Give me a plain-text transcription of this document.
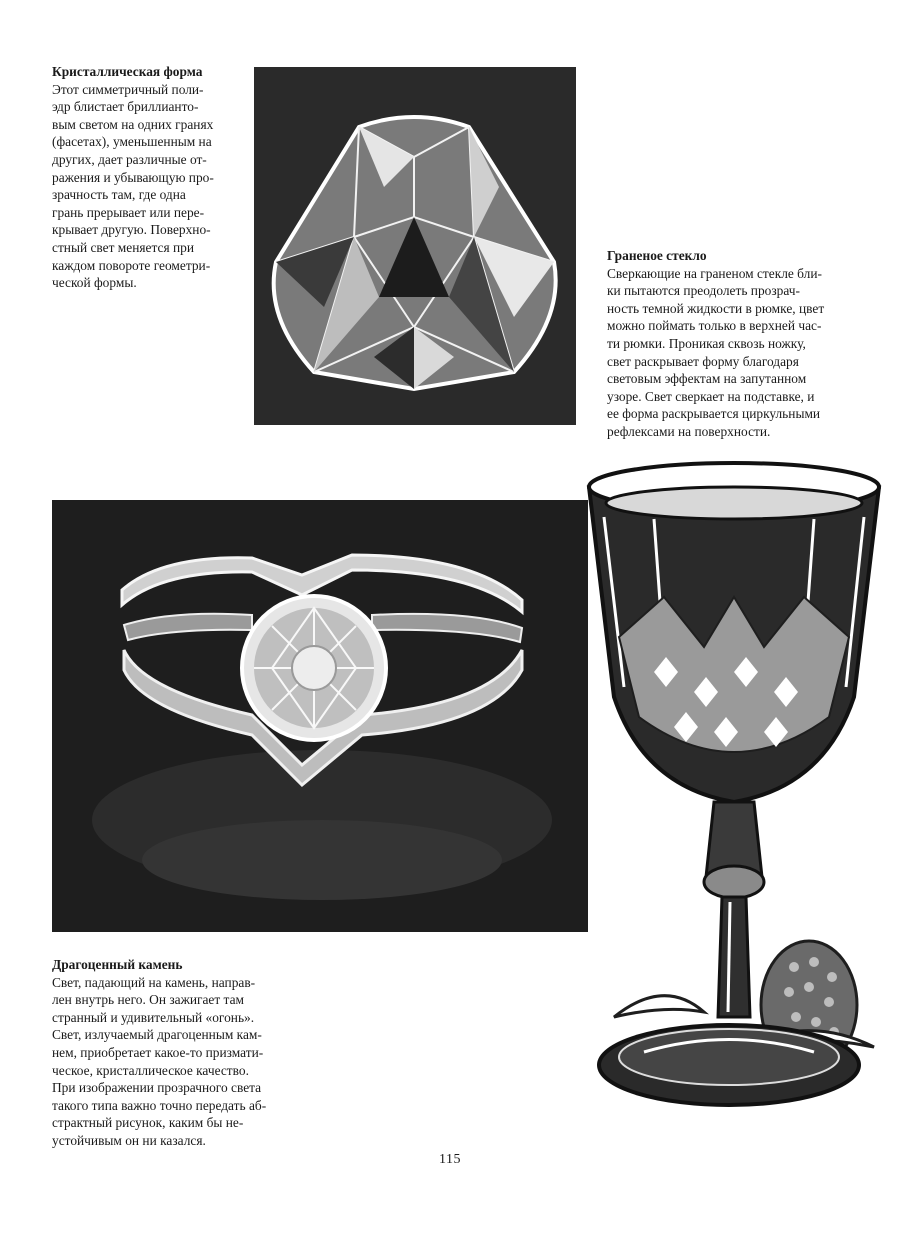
Кристаллическая форма
Этот симметричный поли-
эдр блистает бриллианто-
вым светом на одних гранях
(фасетах), уменьшенным на
других, дает различные от-
ражения и убывающую про-
зрачность там, где одна
грань прерывает или пере-
крывает другую. Поверхно-
стный свет меняется при
каждом повороте геометри-
ческой формы.
Граненое стекло
Сверкающие на граненом стекле бли-
ки пытаются преодолеть прозрач-
ность темной жидкости в рюмке, цвет
можно поймать только в верхней час-
ти рюмки. Проникая сквозь ножку,
свет раскрывает форму благодаря
световым эффектам на запутанном
узоре. Свет сверкает на подставке, и
ее форма раскрывается циркульными
рефлексами на поверхности.
Драгоценный камень
Свет, падающий на камень, направ-
лен внутрь него. Он зажигает там
странный и удивительный «огонь».
Свет, излучаемый драгоценным кам-
нем, приобретает какое-то призмати-
ческое, кристаллическое качество.
При изображении прозрачного света
такого типа важно точно передать аб-
страктный рисунок, каким бы не-
устойчивым он ни казался.
115
